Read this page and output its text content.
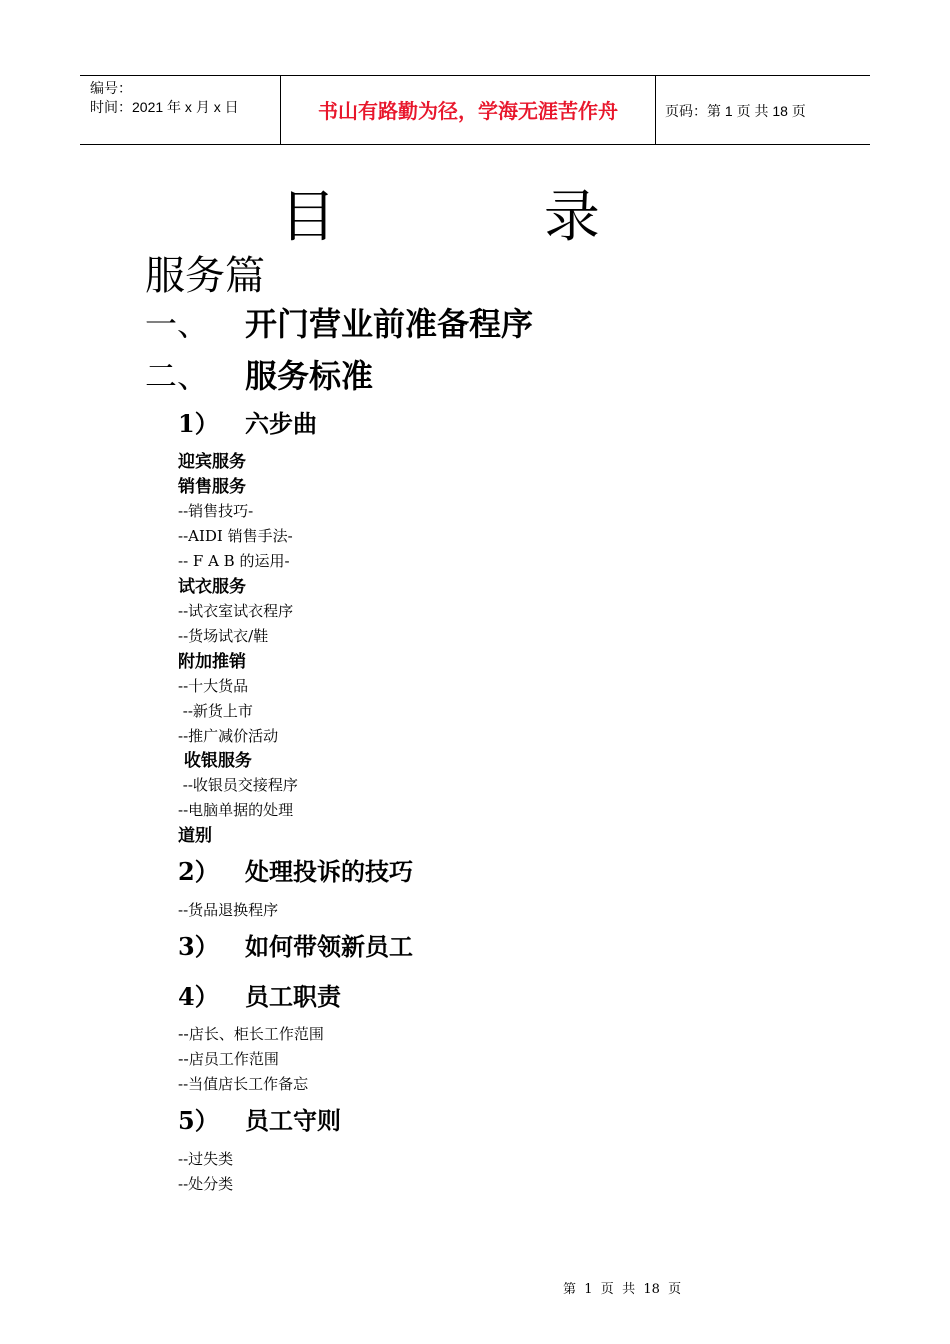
编号：
时间：2021 年 x 月 x 日	书山有路勤为径，学海无涯苦作舟	页码：第 1 页 共 18 页
目	录
服务篇
一、 开门营业前准备程序
二、 服务标准
1） 六步曲
迎宾服务
销售服务
--销售技巧-
--AIDI 销售手法-
-- F A B 的运用-
试衣服务
--试衣室试衣程序
--货场试衣/鞋
附加推销
--十大货品
--新货上市
--推广减价活动
收银服务
--收银员交接程序
--电脑单据的处理
道别
2） 处理投诉的技巧
--货品退换程序
3） 如何带领新员工
4） 员工职责
--店长、柜长工作范围
--店员工作范围
--当值店长工作备忘
5） 员工守则
--过失类
--处分类
第  1  页  共  18  页
